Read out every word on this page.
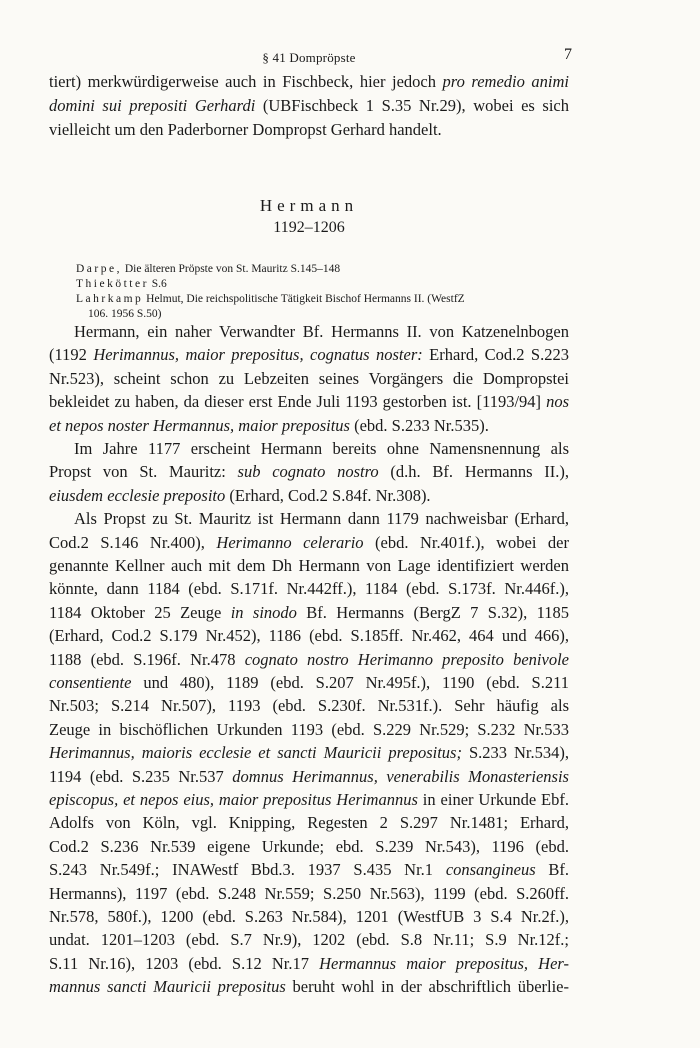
§ 41 Dompröpste	7
tiert) merkwürdigerweise auch in Fischbeck, hier jedoch pro remedio animi
domini sui prepositi Gerhardi (UBFischbeck 1 S.35 Nr.29), wobei es sich
vielleicht um den Paderborner Dompropst Gerhard handelt.
Hermann
1192–1206
Darpe, Die älteren Pröpste von St. Mauritz S.145–148
Thiekötter S.6
Lahrkamp Helmut, Die reichspolitische Tätigkeit Bischof Hermanns II. (WestfZ
106. 1956 S.50)
Hermann, ein naher Verwandter Bf. Hermanns II. von Katzenelnbogen
(1192 Herimannus, maior prepositus, cognatus noster: Erhard, Cod.2 S.223
Nr.523), scheint schon zu Lebzeiten seines Vorgängers die Dompropstei
bekleidet zu haben, da dieser erst Ende Juli 1193 gestorben ist. [1193/94] nos
et nepos noster Hermannus, maior prepositus (ebd. S.233 Nr.535).
Im Jahre 1177 erscheint Hermann bereits ohne Namensnennung als
Propst von St. Mauritz: sub cognato nostro (d.h. Bf. Hermanns II.),
eiusdem ecclesie preposito (Erhard, Cod.2 S.84f. Nr.308).
Als Propst zu St. Mauritz ist Hermann dann 1179 nachweisbar (Erhard,
Cod.2 S.146 Nr.400), Herimanno celerario (ebd. Nr.401f.), wobei der
genannte Kellner auch mit dem Dh Hermann von Lage identifiziert werden
könnte, dann 1184 (ebd. S.171f. Nr.442ff.), 1184 (ebd. S.173f. Nr.446f.),
1184 Oktober 25 Zeuge in sinodo Bf. Hermanns (BergZ 7 S.32), 1185
(Erhard, Cod.2 S.179 Nr.452), 1186 (ebd. S.185ff. Nr.462, 464 und 466),
1188 (ebd. S.196f. Nr.478 cognato nostro Herimanno preposito benivole
consentiente und 480), 1189 (ebd. S.207 Nr.495f.), 1190 (ebd. S.211
Nr.503; S.214 Nr.507), 1193 (ebd. S.230f. Nr.531f.). Sehr häufig als
Zeuge in bischöflichen Urkunden 1193 (ebd. S.229 Nr.529; S.232 Nr.533
Herimannus, maioris ecclesie et sancti Mauricii prepositus; S.233 Nr.534),
1194 (ebd. S.235 Nr.537 domnus Herimannus, venerabilis Monasteriensis
episcopus, et nepos eius, maior prepositus Herimannus in einer Urkunde Ebf.
Adolfs von Köln, vgl. Knipping, Regesten 2 S.297 Nr.1481; Erhard,
Cod.2 S.236 Nr.539 eigene Urkunde; ebd. S.239 Nr.543), 1196 (ebd.
S.243 Nr.549f.; INAWestf Bbd.3. 1937 S.435 Nr.1 consangineus Bf.
Hermanns), 1197 (ebd. S.248 Nr.559; S.250 Nr.563), 1199 (ebd. S.260ff.
Nr.578, 580f.), 1200 (ebd. S.263 Nr.584), 1201 (WestfUB 3 S.4 Nr.2f.),
undat. 1201–1203 (ebd. S.7 Nr.9), 1202 (ebd. S.8 Nr.11; S.9 Nr.12f.;
S.11 Nr.16), 1203 (ebd. S.12 Nr.17 Hermannus maior prepositus, Her-
mannus sancti Mauricii prepositus beruht wohl in der abschriftlich überlie-
